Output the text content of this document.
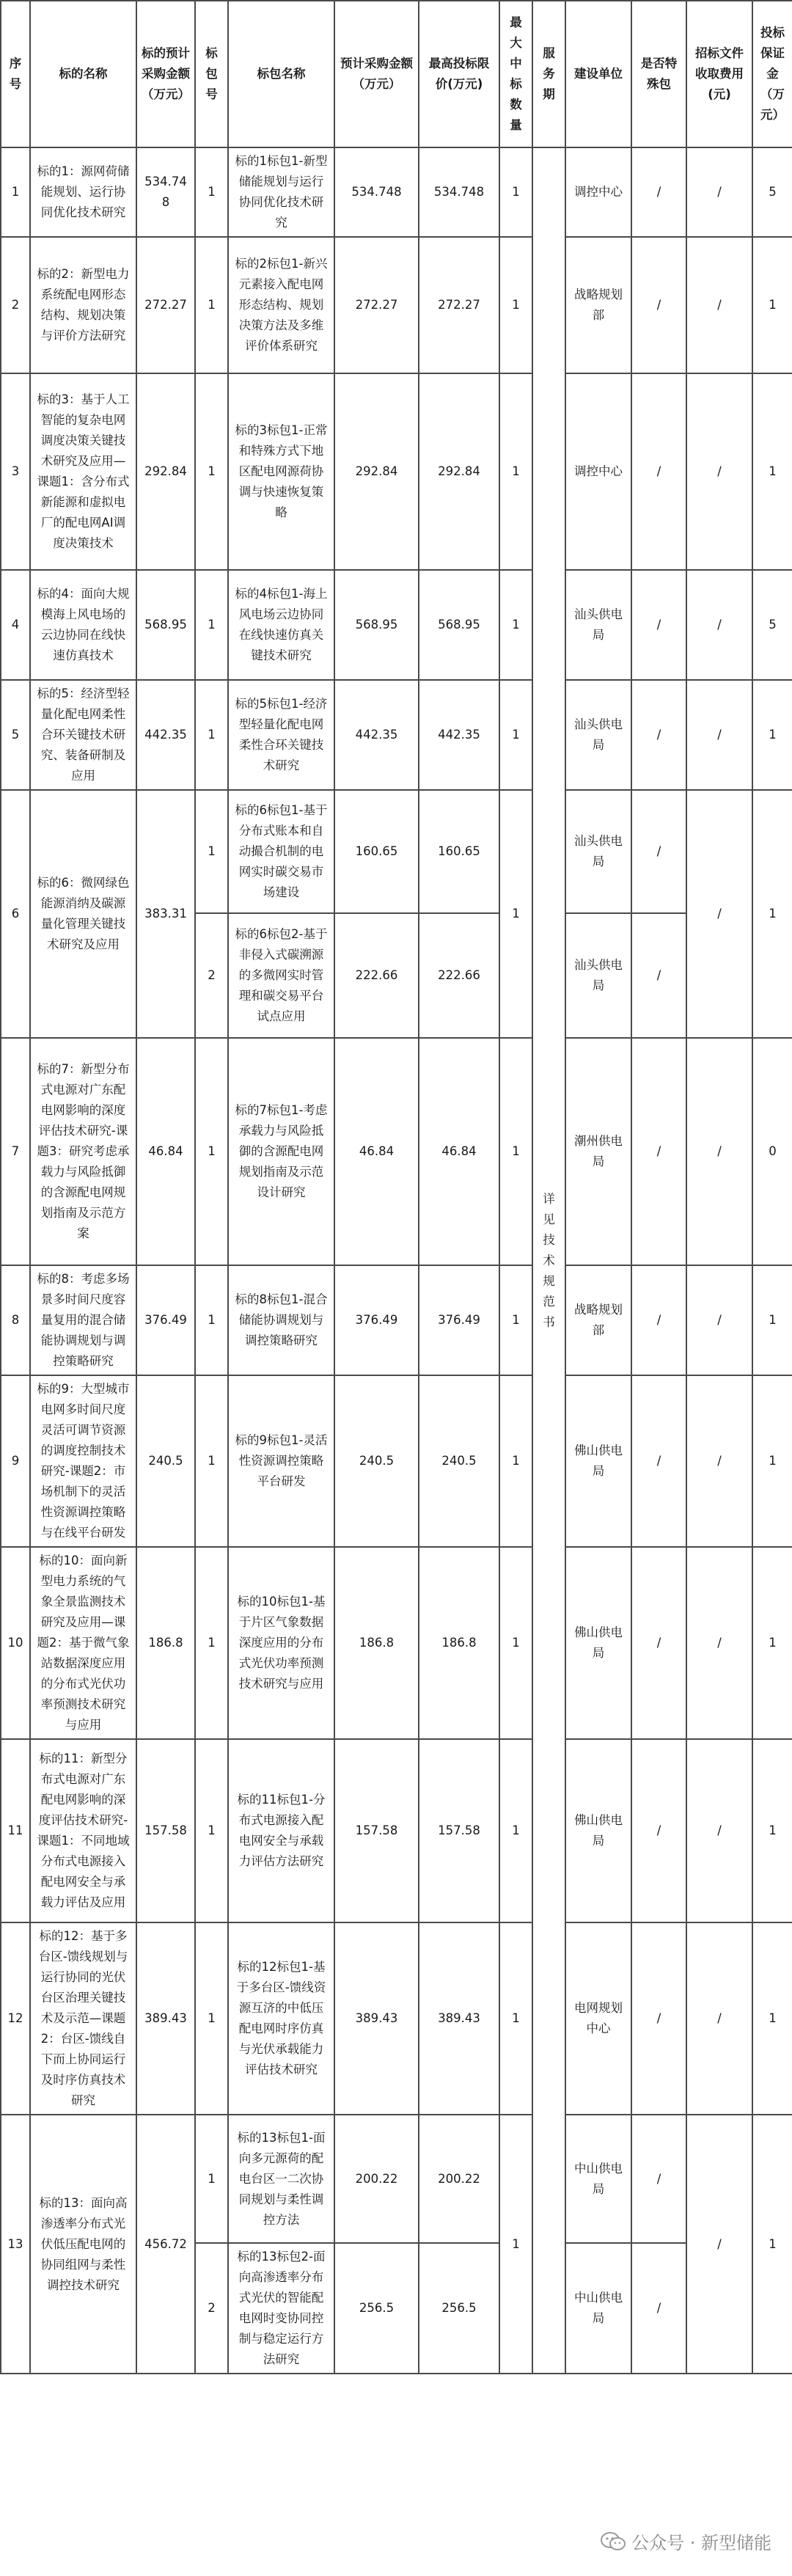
序号	标的名称	标的预计采购金额（万元）	标包号	标包名称	预计采购金额（万元）	最高投标限价(万元)	最大中标数量	服务期	建设单位	是否特殊包	招标文件收取费用(元)	投标保证金（万元）
1	标的1：源网荷储能规划、运行协同优化技术研究	534.748	1	标的1标包1-新型储能规划与运行协同优化技术研究	534.748	534.748	1	详见技术规范书	调控中心	/	/	5
2	标的2：新型电力系统配电网形态结构、规划决策与评价方法研究	272.27	1	标的2标包1-新兴元素接入配电网形态结构、规划决策方法及多维评价体系研究	272.27	272.27	1		战略规划部	/	/	1
3	标的3：基于人工智能的复杂电网调度决策关键技术研究及应用—课题1：含分布式新能源和虚拟电厂的配电网AI调度决策技术	292.84	1	标的3标包1-正常和特殊方式下地区配电网源荷协调与快速恢复策略	292.84	292.84	1		调控中心	/	/	1
4	标的4：面向大规模海上风电场的云边协同在线快速仿真技术	568.95	1	标的4标包1-海上风电场云边协同在线快速仿真关键技术研究	568.95	568.95	1		汕头供电局	/	/	5
5	标的5：经济型轻量化配电网柔性合环关键技术研究、装备研制及应用	442.35	1	标的5标包1-经济型轻量化配电网柔性合环关键技术研究	442.35	442.35	1		汕头供电局	/	/	1
6	标的6：微网绿色能源消纳及碳源量化管理关键技术研究及应用	383.31	1	标的6标包1-基于分布式账本和自动撮合机制的电网实时碳交易市场建设	160.65	160.65	1		汕头供电局	/	/	1
			2	标的6标包2-基于非侵入式碳溯源的多微网实时管理和碳交易平台试点应用	222.66	222.66			汕头供电局	/		
7	标的7：新型分布式电源对广东配电网影响的深度评估技术研究-课题3：研究考虑承载力与风险抵御的含源配电网规划指南及示范方案	46.84	1	标的7标包1-考虑承载力与风险抵御的含源配电网规划指南及示范设计研究	46.84	46.84	1		潮州供电局	/	/	0
8	标的8：考虑多场景多时间尺度容量复用的混合储能协调规划与调控策略研究	376.49	1	标的8标包1-混合储能协调规划与调控策略研究	376.49	376.49	1		战略规划部	/	/	1
9	标的9：大型城市电网多时间尺度灵活可调节资源的调度控制技术研究-课题2：市场机制下的灵活性资源调控策略与在线平台研发	240.5	1	标的9标包1-灵活性资源调控策略平台研发	240.5	240.5	1		佛山供电局	/	/	1
10	标的10：面向新型电力系统的气象全景监测技术研究及应用—课题2：基于微气象站数据深度应用的分布式光伏功率预测技术研究与应用	186.8	1	标的10标包1-基于片区气象数据深度应用的分布式光伏功率预测技术研究与应用	186.8	186.8	1		佛山供电局	/	/	1
11	标的11：新型分布式电源对广东配电网影响的深度评估技术研究-课题1：不同地域分布式电源接入配电网安全与承载力评估及应用	157.58	1	标的11标包1-分布式电源接入配电网安全与承载力评估方法研究	157.58	157.58	1		佛山供电局	/	/	1
12	标的12：基于多台区-馈线规划与运行协同的光伏台区治理关键技术及示范—课题2：台区-馈线自下而上协同运行及时序仿真技术研究	389.43	1	标的12标包1-基于多台区-馈线资源互济的中低压配电网时序仿真与光伏承载能力评估技术研究	389.43	389.43	1		电网规划中心	/	/	1
13	标的13：面向高渗透率分布式光伏低压配电网的协同组网与柔性调控技术研究	456.72	1	标的13标包1-面向多元源荷的配电台区一二次协同规划与柔性调控方法	200.22	200.22	1		中山供电局	/	/	1
			2	标的13标包2-面向高渗透率分布式光伏的智能配电网时变协同控制与稳定运行方法研究	256.5	256.5			中山供电局	/		
公众号 · 新型储能
